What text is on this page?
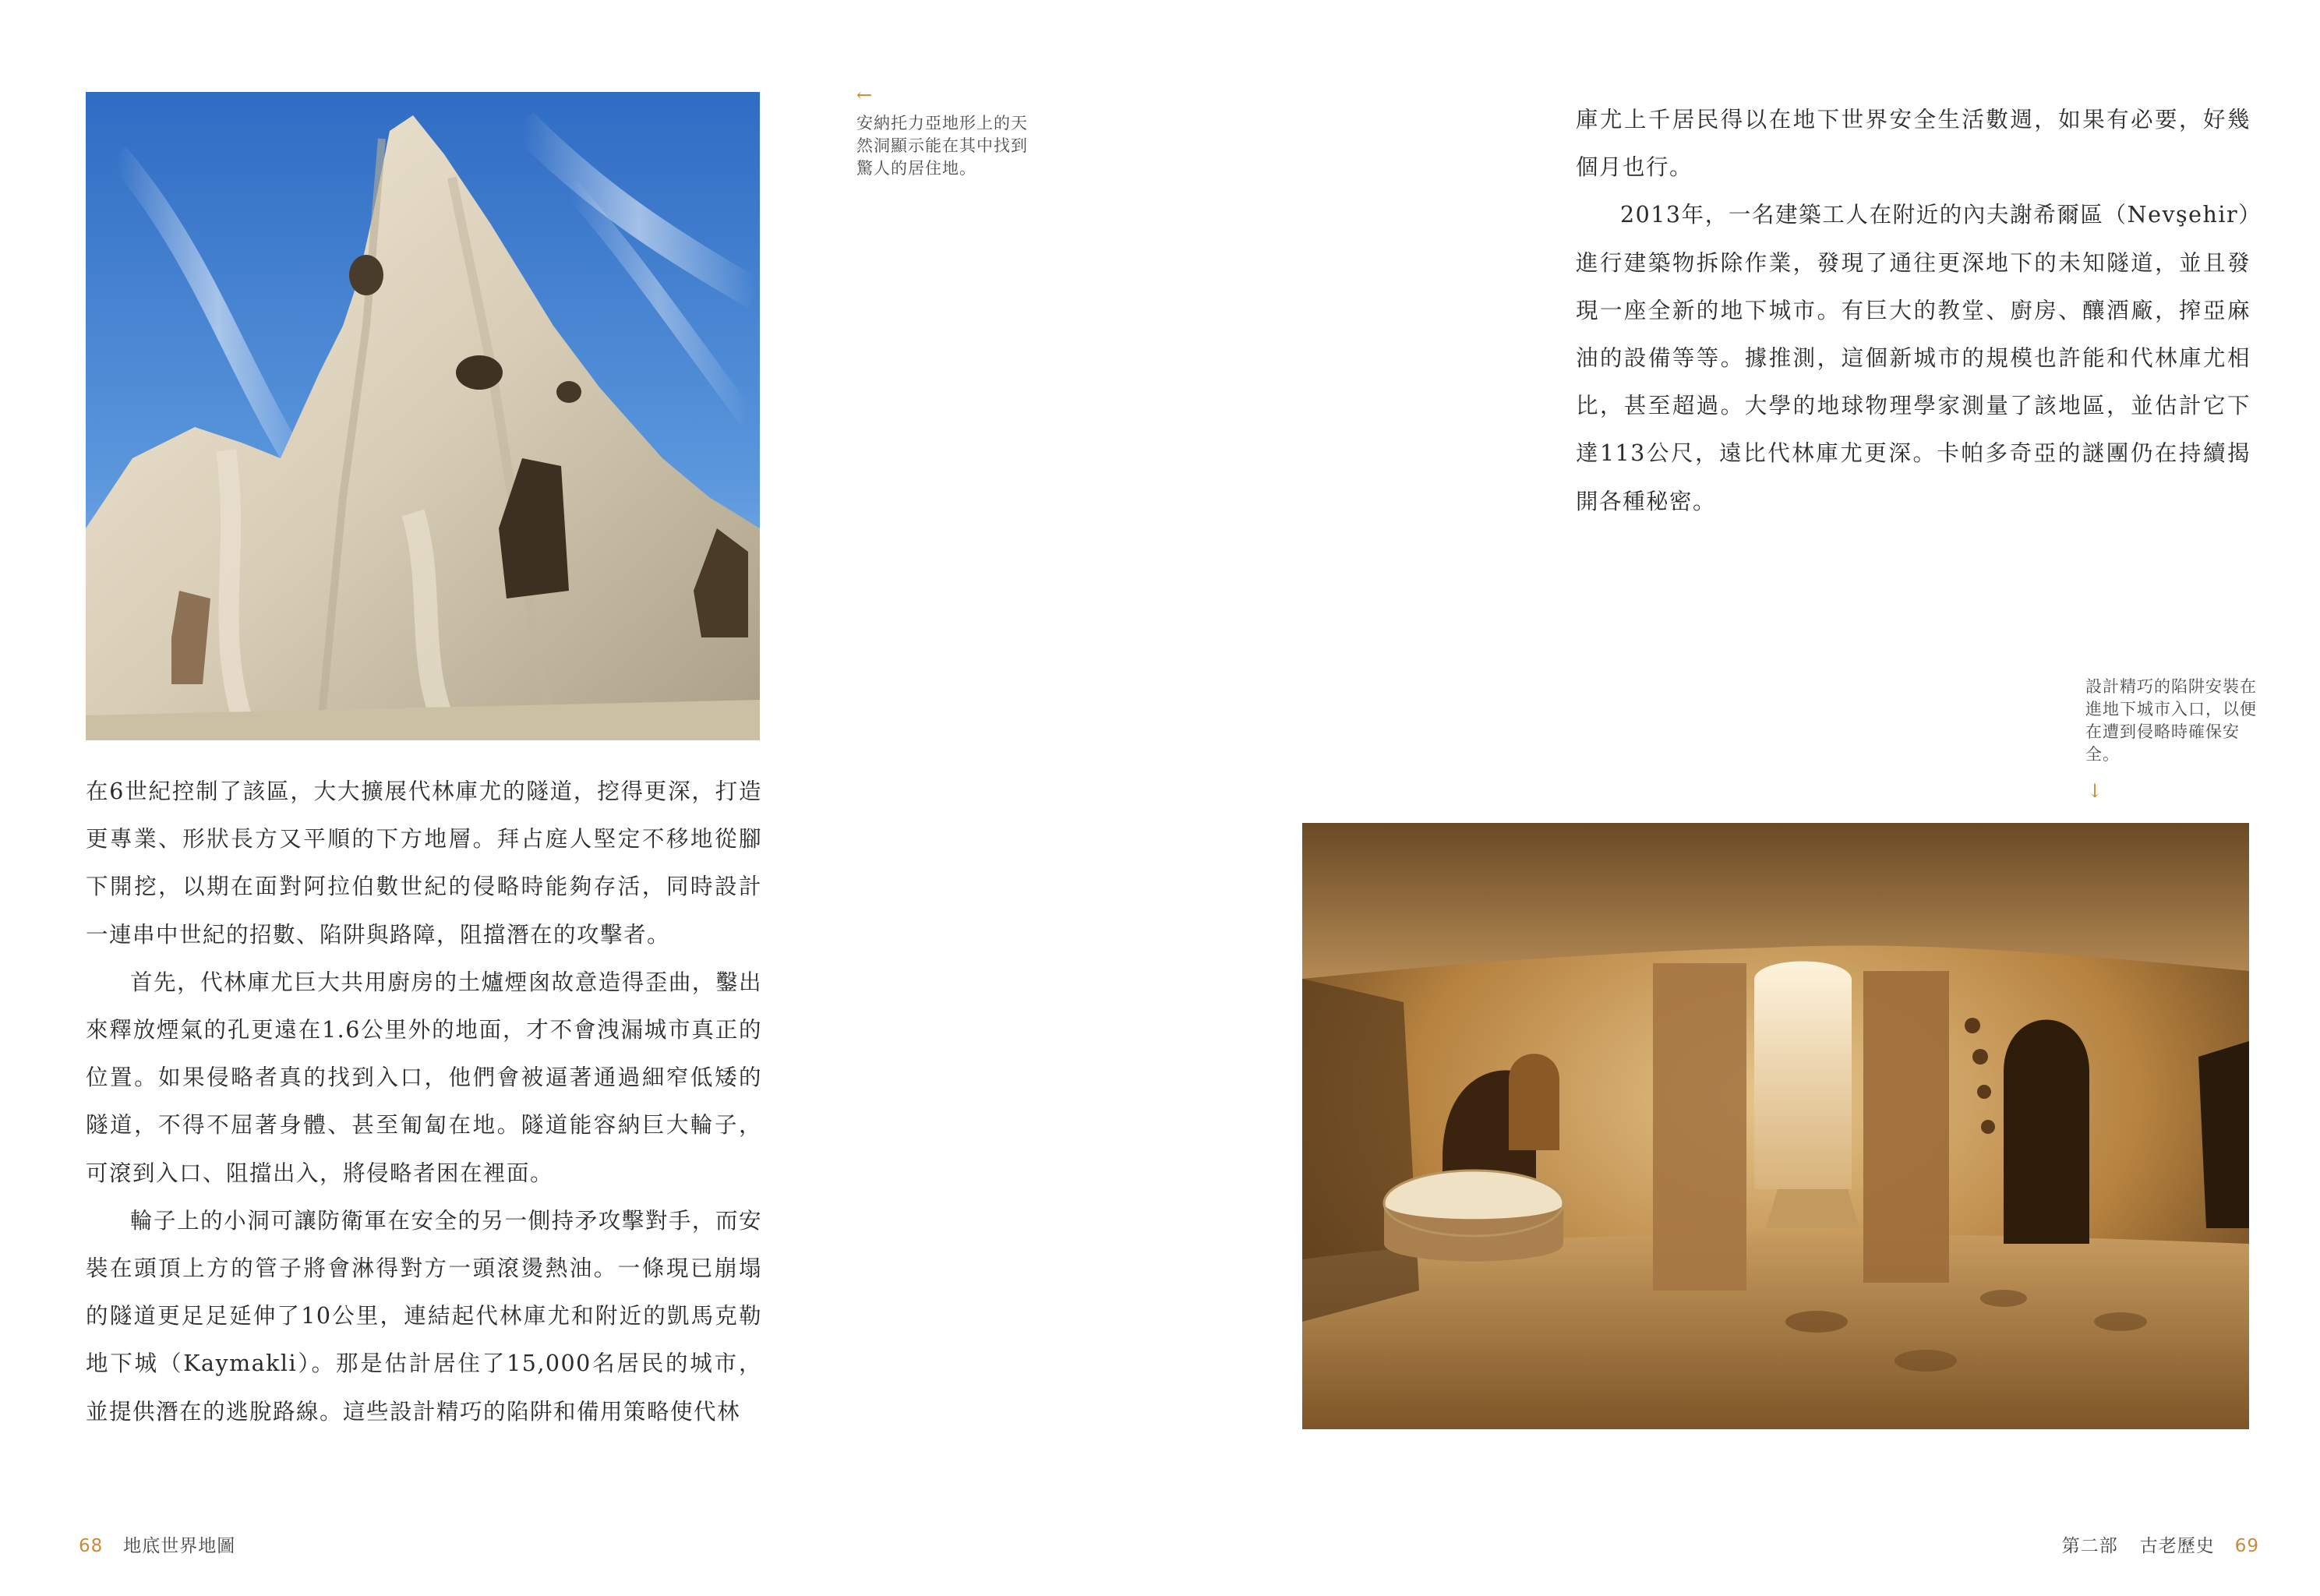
←
安納托力亞地形上的天然洞顯示能在其中找到驚人的居住地。

在6世紀控制了該區，大大擴展代林庫尤的隧道，挖得更深，打造更專業、形狀長方又平順的下方地層。拜占庭人堅定不移地從腳下開挖，以期在面對阿拉伯數世紀的侵略時能夠存活，同時設計一連串中世紀的招數、陷阱與路障，阻擋潛在的攻擊者。

首先，代林庫尤巨大共用廚房的土爐煙囪故意造得歪曲，鑿出來釋放煙氣的孔更遠在1.6公里外的地面，才不會洩漏城市真正的位置。如果侵略者真的找到入口，他們會被逼著通過細窄低矮的隧道，不得不屈著身體、甚至匍匐在地。隧道能容納巨大輪子，可滾到入口、阻擋出入，將侵略者困在裡面。

輪子上的小洞可讓防衛軍在安全的另一側持矛攻擊對手，而安裝在頭頂上方的管子將會淋得對方一頭滾燙熱油。一條現已崩塌的隧道更足足延伸了10公里，連結起代林庫尤和附近的凱馬克勒地下城（Kaymakli）。那是估計居住了15,000名居民的城市，並提供潛在的逃脫路線。這些設計精巧的陷阱和備用策略使代林

庫尤上千居民得以在地下世界安全生活數週，如果有必要，好幾個月也行。

2013年，一名建築工人在附近的內夫謝希爾區（Nevşehir）進行建築物拆除作業，發現了通往更深地下的未知隧道，並且發現一座全新的地下城市。有巨大的教堂、廚房、釀酒廠，搾亞麻油的設備等等。據推測，這個新城市的規模也許能和代林庫尤相比，甚至超過。大學的地球物理學家測量了該地區，並估計它下達113公尺，遠比代林庫尤更深。卡帕多奇亞的謎團仍在持續揭開各種秘密。

設計精巧的陷阱安裝在進地下城市入口，以便在遭到侵略時確保安全。
↓
68 地底世界地圖	第二部 古老歷史 69
